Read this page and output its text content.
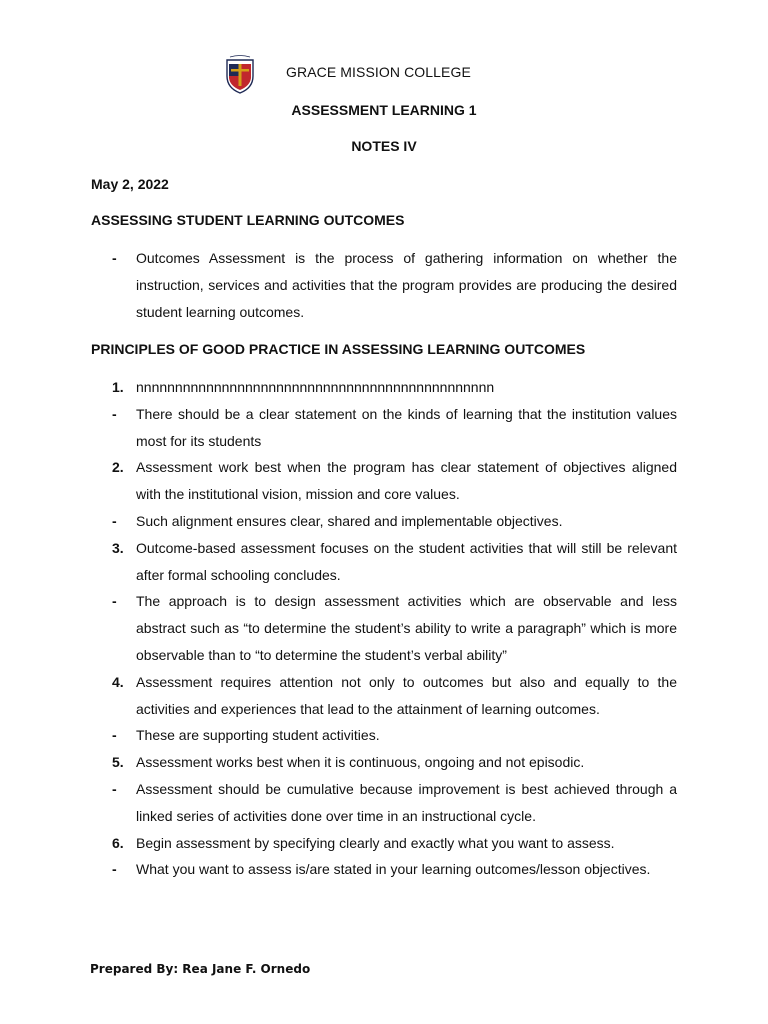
GRACE MISSION COLLEGE
ASSESSMENT LEARNING 1
NOTES IV
May 2, 2022
ASSESSING STUDENT LEARNING OUTCOMES
- Outcomes Assessment is the process of gathering information on whether the instruction, services and activities that the program provides are producing the desired student learning outcomes.
PRINCIPLES OF GOOD PRACTICE IN ASSESSING LEARNING OUTCOMES
1. nnnnnnnnnnnnnnnnnnnnnnnnnnnnnnnnnnnnnnnnnnnnnn
- There should be a clear statement on the kinds of learning that the institution values most for its students
2. Assessment work best when the program has clear statement of objectives aligned with the institutional vision, mission and core values.
- Such alignment ensures clear, shared and implementable objectives.
3. Outcome-based assessment focuses on the student activities that will still be relevant after formal schooling concludes.
- The approach is to design assessment activities which are observable and less abstract such as “to determine the student’s ability to write a paragraph” which is more observable than to “to determine the student’s verbal ability”
4. Assessment requires attention not only to outcomes but also and equally to the activities and experiences that lead to the attainment of learning outcomes.
- These are supporting student activities.
5. Assessment works best when it is continuous, ongoing and not episodic.
- Assessment should be cumulative because improvement is best achieved through a linked series of activities done over time in an instructional cycle.
6. Begin assessment by specifying clearly and exactly what you want to assess.
- What you want to assess is/are stated in your learning outcomes/lesson objectives.
Prepared By: Rea Jane F. Ornedo
